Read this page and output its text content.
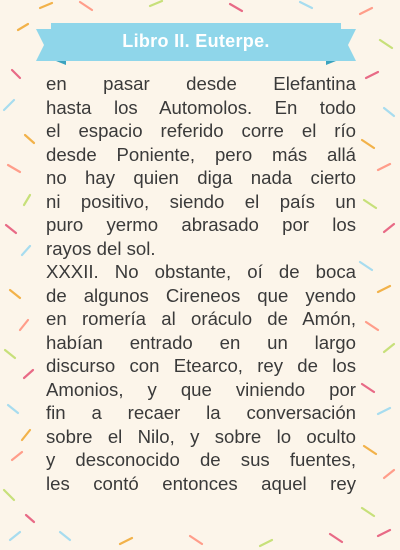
Libro II. Euterpe.
en pasar desde Elefantina
hasta los Automolos. En todo
el espacio referido corre el río
desde Poniente, pero más allá
no hay quien diga nada cierto
ni positivo, siendo el país un
puro yermo abrasado por los
rayos del sol.
XXXII. No obstante, oí de boca
de algunos Cireneos que yendo
en romería al oráculo de Amón,
habían entrado en un largo
discurso con Etearco, rey de los
Amonios, y que viniendo por
fin a recaer la conversación
sobre el Nilo, y sobre lo oculto
y desconocido de sus fuentes,
les contó entonces aquel rey
